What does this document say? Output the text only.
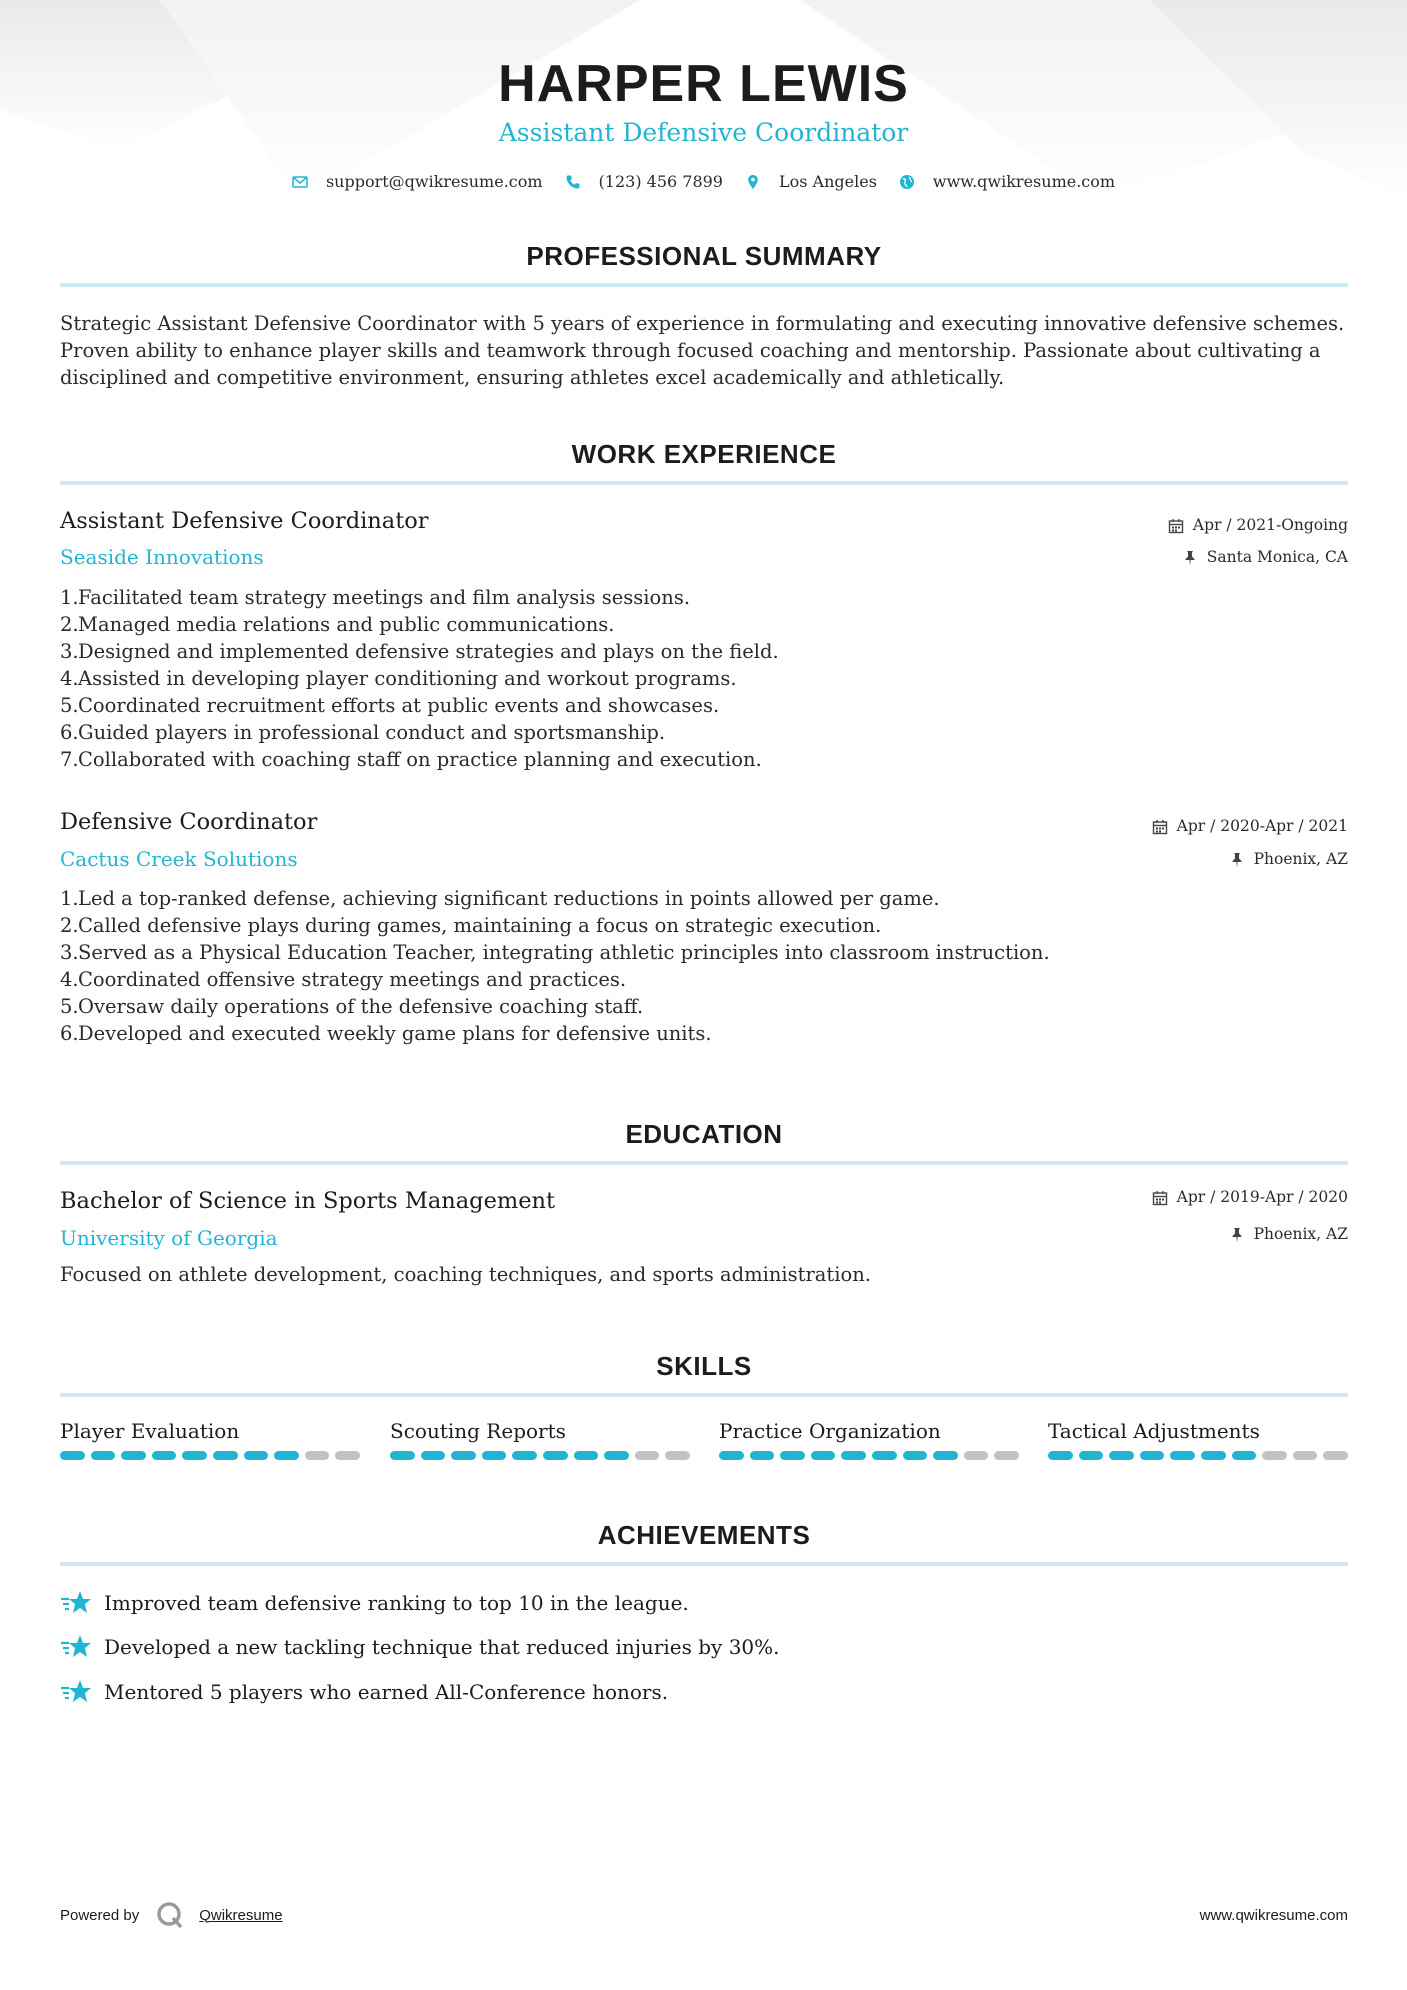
HARPER LEWIS
Assistant Defensive Coordinator
support@qwikresume.com	(123) 456 7899	Los Angeles	www.qwikresume.com
PROFESSIONAL SUMMARY
Strategic Assistant Defensive Coordinator with 5 years of experience in formulating and executing innovative defensive schemes. Proven ability to enhance player skills and teamwork through focused coaching and mentorship. Passionate about cultivating a disciplined and competitive environment, ensuring athletes excel academically and athletically.
WORK EXPERIENCE
Assistant Defensive Coordinator
Seaside Innovations
Apr / 2021-Ongoing
Santa Monica, CA
1.Facilitated team strategy meetings and film analysis sessions.
2.Managed media relations and public communications.
3.Designed and implemented defensive strategies and plays on the field.
4.Assisted in developing player conditioning and workout programs.
5.Coordinated recruitment efforts at public events and showcases.
6.Guided players in professional conduct and sportsmanship.
7.Collaborated with coaching staff on practice planning and execution.
Defensive Coordinator
Cactus Creek Solutions
Apr / 2020-Apr / 2021
Phoenix, AZ
1.Led a top-ranked defense, achieving significant reductions in points allowed per game.
2.Called defensive plays during games, maintaining a focus on strategic execution.
3.Served as a Physical Education Teacher, integrating athletic principles into classroom instruction.
4.Coordinated offensive strategy meetings and practices.
5.Oversaw daily operations of the defensive coaching staff.
6.Developed and executed weekly game plans for defensive units.
EDUCATION
Bachelor of Science in Sports Management
University of Georgia
Apr / 2019-Apr / 2020
Phoenix, AZ
Focused on athlete development, coaching techniques, and sports administration.
SKILLS
Player Evaluation	Scouting Reports	Practice Organization	Tactical Adjustments
ACHIEVEMENTS
Improved team defensive ranking to top 10 in the league.
Developed a new tackling technique that reduced injuries by 30%.
Mentored 5 players who earned All-Conference honors.
Powered by	Qwikresume	www.qwikresume.com
